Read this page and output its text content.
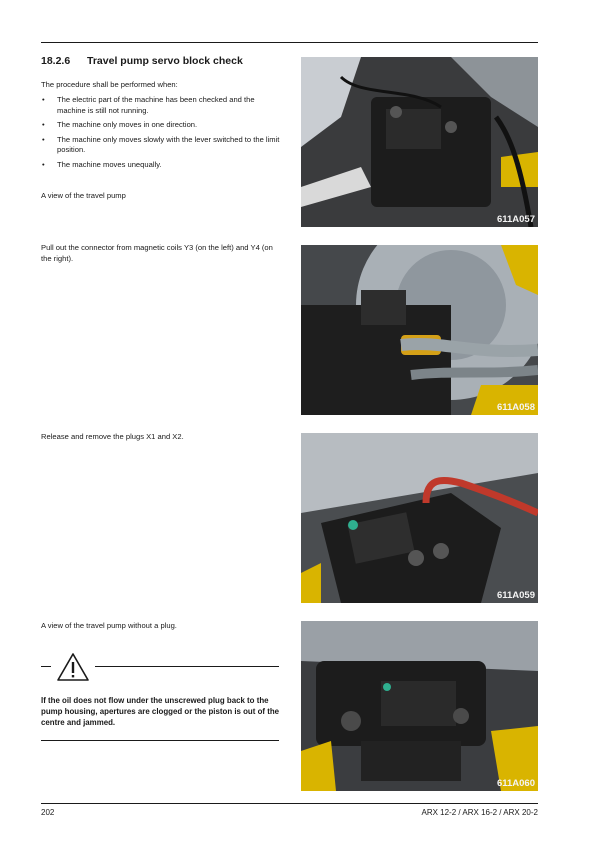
18.2.6 Travel pump servo block check
The procedure shall be performed when:
• The electric part of the machine has been checked and the machine is still not running.
• The machine only moves in one direction.
• The machine only moves slowly with the lever switched to the limit position.
• The machine moves unequally.
A view of the travel pump
611A057
Pull out the connector from magnetic coils Y3 (on the left) and Y4 (on the right).
611A058
Release and remove the plugs X1 and X2.
611A059
A view of the travel pump without a plug.
611A060
If the oil does not flow under the unscrewed plug back to the pump housing, apertures are clogged or the piston is out of the centre and jammed.
202	ARX 12-2 / ARX 16-2 / ARX 20-2
